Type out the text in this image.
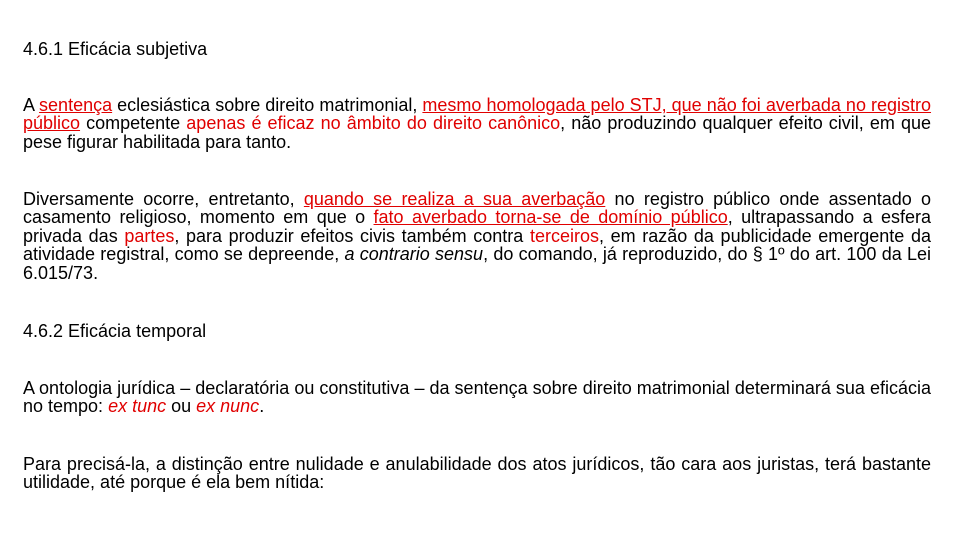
4.6.1 Eficácia subjetiva

A sentença eclesiástica sobre direito matrimonial, mesmo homologada pelo STJ, que não foi averbada no registro público competente apenas é eficaz no âmbito do direito canônico, não produzindo qualquer efeito civil, em que pese figurar habilitada para tanto.

Diversamente ocorre, entretanto, quando se realiza a sua averbação no registro público onde assentado o casamento religioso, momento em que o fato averbado torna-se de domínio público, ultrapassando a esfera privada das partes, para produzir efeitos civis também contra terceiros, em razão da publicidade emergente da atividade registral, como se depreende, a contrario sensu, do comando, já reproduzido, do § 1º do art. 100 da Lei 6.015/73.

4.6.2 Eficácia temporal

A ontologia jurídica – declaratória ou constitutiva – da sentença sobre direito matrimonial determinará sua eficácia no tempo: ex tunc ou ex nunc.

Para precisá-la, a distinção entre nulidade e anulabilidade dos atos jurídicos, tão cara aos juristas, terá bastante utilidade, até porque é ela bem nítida:
